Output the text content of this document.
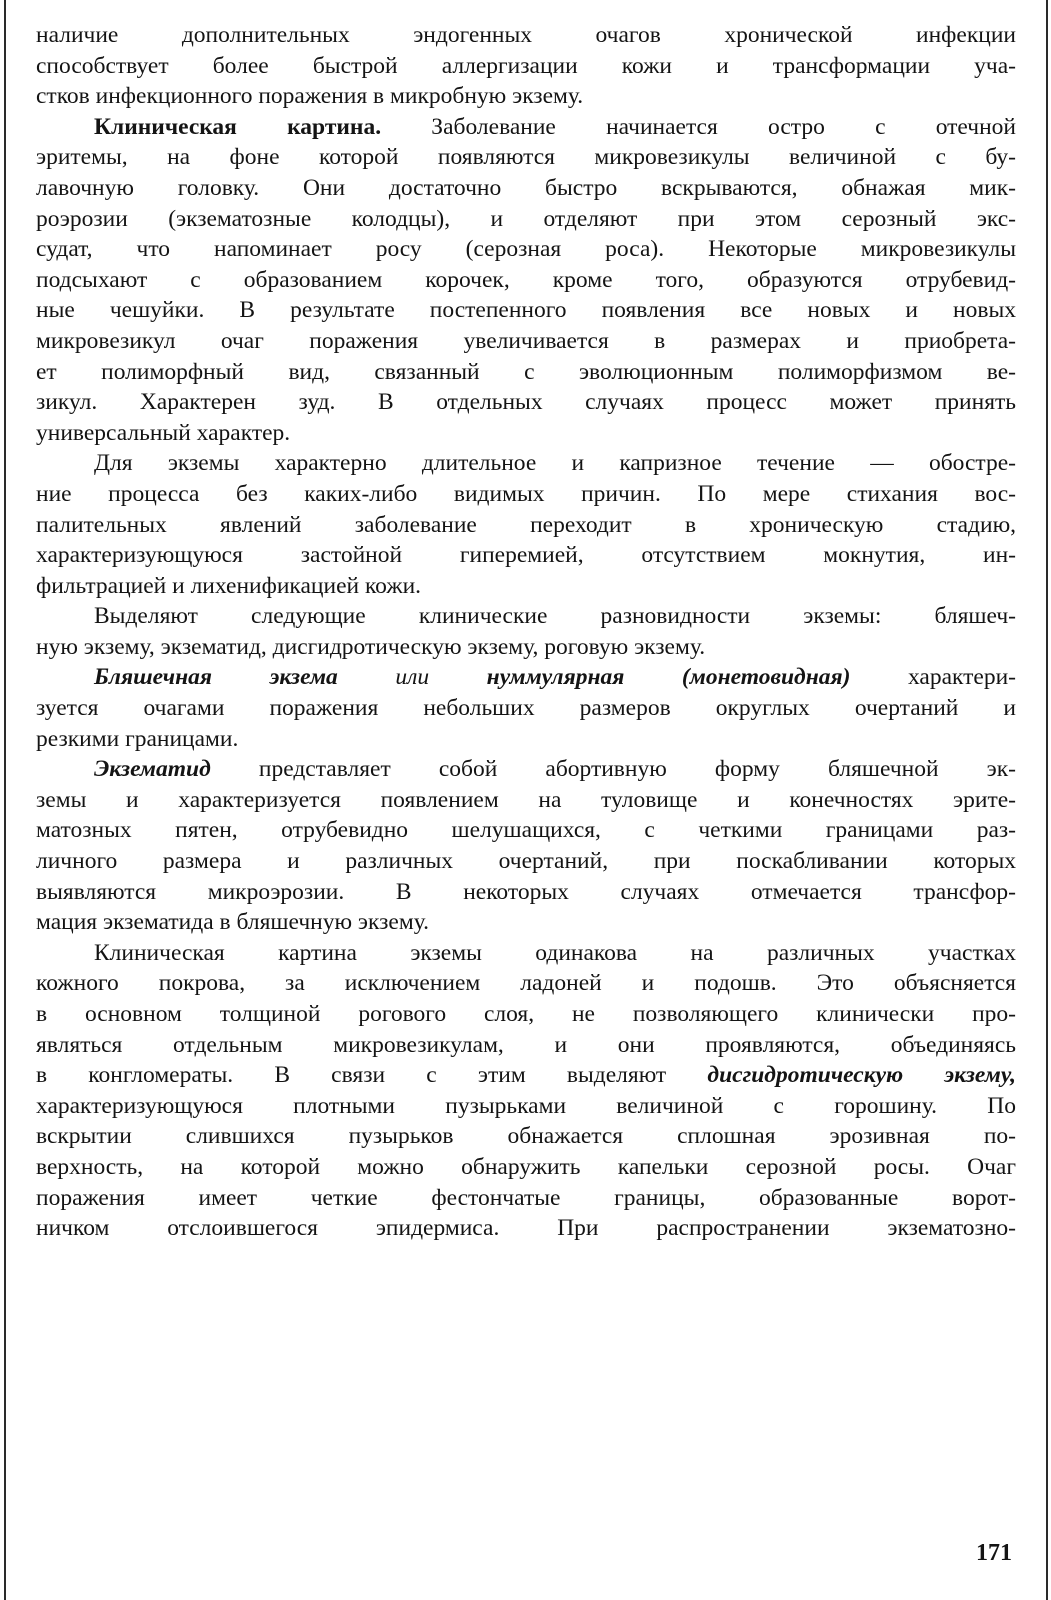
наличие дополнительных эндогенных очагов хронической инфекции
способствует более быстрой аллергизации кожи и трансформации уча-
стков инфекционного поражения в микробную экзему.
Клиническая картина. Заболевание начинается остро с отечной
эритемы, на фоне которой появляются микровезикулы величиной с бу-
лавочную головку. Они достаточно быстро вскрываются, обнажая мик-
роэрозии (экзематозные колодцы), и отделяют при этом серозный экс-
судат, что напоминает росу (серозная роса). Некоторые микровезикулы
подсыхают с образованием корочек, кроме того, образуются отрубевид-
ные чешуйки. В результате постепенного появления все новых и новых
микровезикул очаг поражения увеличивается в размерах и приобрета-
ет полиморфный вид, связанный с эволюционным полиморфизмом ве-
зикул. Характерен зуд. В отдельных случаях процесс может принять
универсальный характер.
Для экземы характерно длительное и капризное течение — обостре-
ние процесса без каких-либо видимых причин. По мере стихания вос-
палительных явлений заболевание переходит в хроническую стадию,
характеризующуюся застойной гиперемией, отсутствием мокнутия, ин-
фильтрацией и лихенификацией кожи.
Выделяют следующие клинические разновидности экземы: бляшеч-
ную экзему, экзематид, дисгидротическую экзему, роговую экзему.
Бляшечная экзема или нуммулярная (монетовидная) характери-
зуется очагами поражения небольших размеров округлых очертаний и
резкими границами.
Экзематид представляет собой абортивную форму бляшечной эк-
земы и характеризуется появлением на туловище и конечностях эрите-
матозных пятен, отрубевидно шелушащихся, с четкими границами раз-
личного размера и различных очертаний, при поскабливании которых
выявляются микроэрозии. В некоторых случаях отмечается трансфор-
мация экзематида в бляшечную экзему.
Клиническая картина экземы одинакова на различных участках
кожного покрова, за исключением ладоней и подошв. Это объясняется
в основном толщиной рогового слоя, не позволяющего клинически про-
являться отдельным микровезикулам, и они проявляются, объединяясь
в конгломераты. В связи с этим выделяют дисгидротическую экзему,
характеризующуюся плотными пузырьками величиной с горошину. По
вскрытии слившихся пузырьков обнажается сплошная эрозивная по-
верхность, на которой можно обнаружить капельки серозной росы. Очаг
поражения имеет четкие фестончатые границы, образованные ворот-
ничком отслоившегося эпидермиса. При распространении экзематозно-
171
